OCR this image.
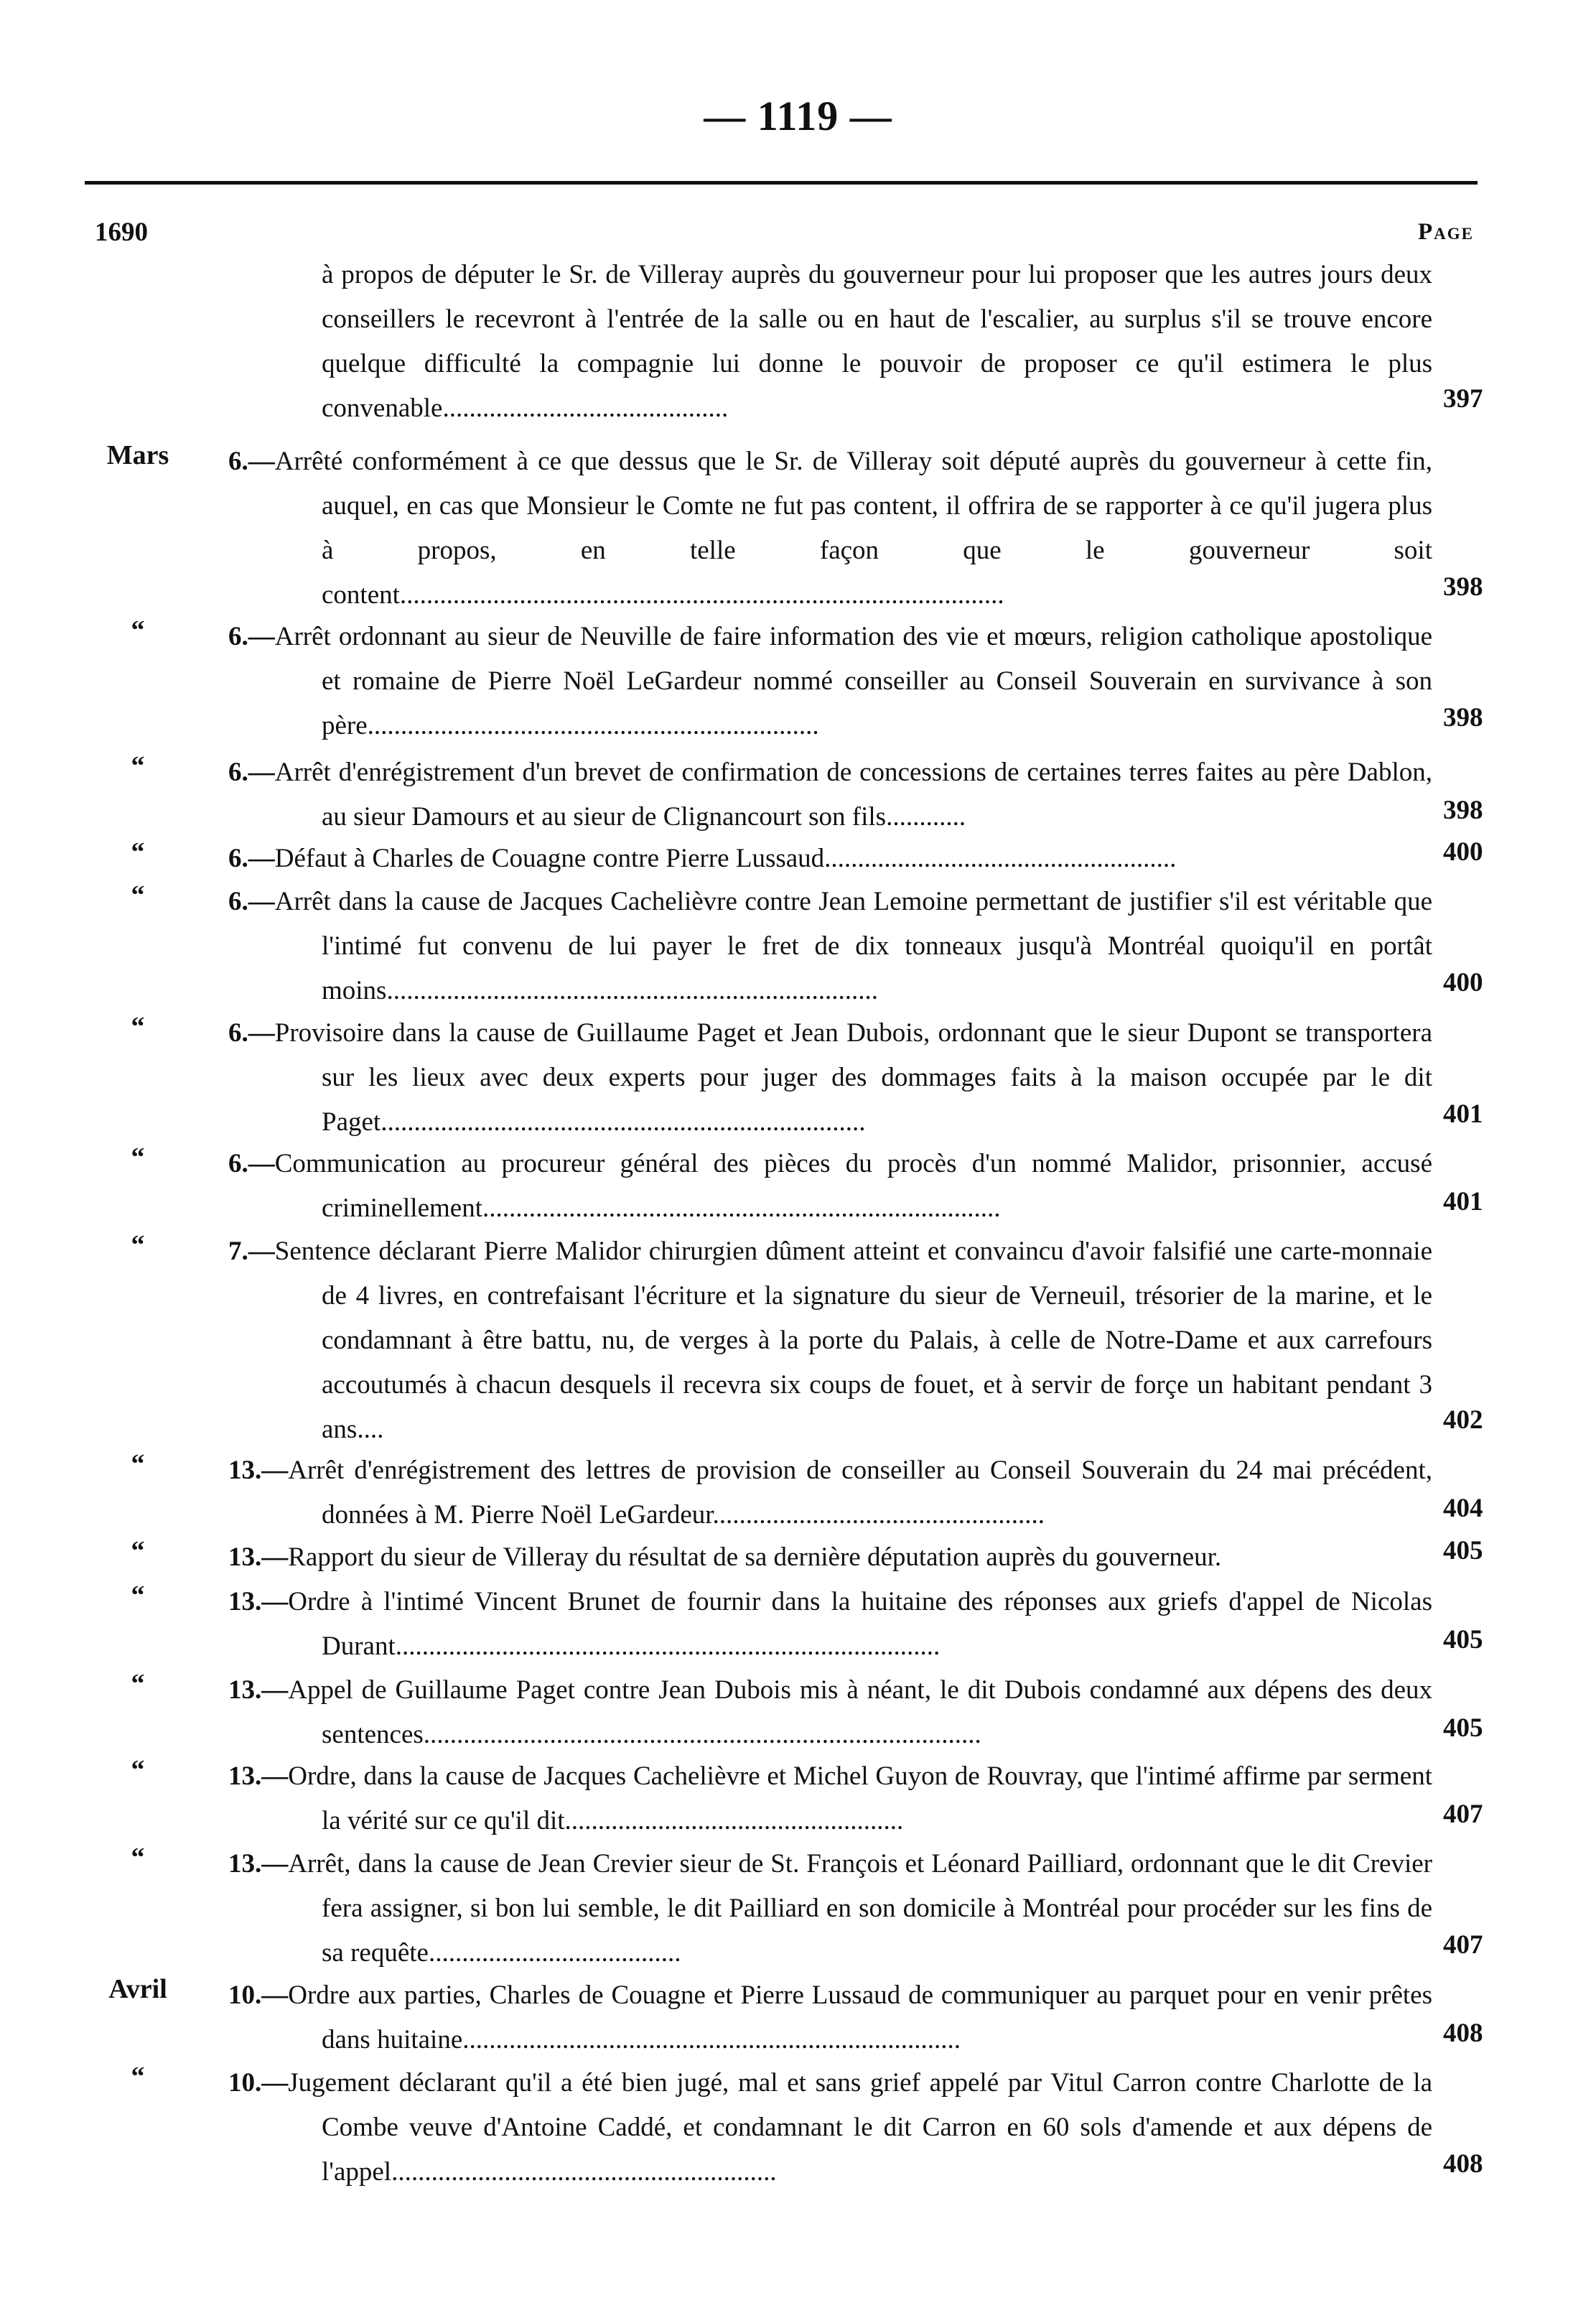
— 1119 —
1690	Page
à propos de députer le Sr. de Villeray auprès du gouverneur pour lui proposer que les autres jours deux conseillers le recevront à l'entrée de la salle ou en haut de l'escalier, au surplus s'il se trouve encore quelque difficulté la compagnie lui donne le pouvoir de proposer ce qu'il estimera le plus convenable...........................................	397
Mars	6.—Arrêté conformément à ce que dessus que le Sr. de Villeray soit député auprès du gouverneur à cette fin, auquel, en cas que Monsieur le Comte ne fut pas content, il offrira de se rapporter à ce qu'il jugera plus à propos, en telle façon que le gouverneur soit content...........................................................................................	398
“	6.—Arrêt ordonnant au sieur de Neuville de faire information des vie et mœurs, religion catholique apostolique et romaine de Pierre Noël LeGardeur nommé conseiller au Conseil Souverain en survivance à son père....................................................................	398
“	6.—Arrêt d'enrégistrement d'un brevet de confirmation de concessions de certaines terres faites au père Dablon, au sieur Damours et au sieur de Clignancourt son fils............	398
“	6.—Défaut à Charles de Couagne contre Pierre Lussaud.....................................................	400
“	6.—Arrêt dans la cause de Jacques Cachelièvre contre Jean Lemoine permettant de justifier s'il est véritable que l'intimé fut convenu de lui payer le fret de dix tonneaux jusqu'à Montréal quoiqu'il en portât moins..........................................................................	400
“	6.—Provisoire dans la cause de Guillaume Paget et Jean Dubois, ordonnant que le sieur Dupont se transportera sur les lieux avec deux experts pour juger des dommages faits à la maison occupée par le dit Paget.........................................................................	401
“	6.—Communication au procureur général des pièces du procès d'un nommé Malidor, prisonnier, accusé criminellement..............................................................................	401
“	7.—Sentence déclarant Pierre Malidor chirurgien dûment atteint et convaincu d'avoir falsifié une carte-monnaie de 4 livres, en contrefaisant l'écriture et la signature du sieur de Verneuil, trésorier de la marine, et le condamnant à être battu, nu, de verges à la porte du Palais, à celle de Notre-Dame et aux carrefours accoutumés à chacun desquels il recevra six coups de fouet, et à servir de forçe un habitant pendant 3 ans....	402
“	13.—Arrêt d'enrégistrement des lettres de provision de conseiller au Conseil Souverain du 24 mai précédent, données à M. Pierre Noël LeGardeur..................................................	404
“	13.—Rapport du sieur de Villeray du résultat de sa dernière députation auprès du gouverneur.	405
“	13.—Ordre à l'intimé Vincent Brunet de fournir dans la huitaine des réponses aux griefs d'appel de Nicolas Durant..................................................................................	405
“	13.—Appel de Guillaume Paget contre Jean Dubois mis à néant, le dit Dubois condamné aux dépens des deux sentences....................................................................................	405
“	13.—Ordre, dans la cause de Jacques Cachelièvre et Michel Guyon de Rouvray, que l'intimé affirme par serment la vérité sur ce qu'il dit...................................................	407
“	13.—Arrêt, dans la cause de Jean Crevier sieur de St. François et Léonard Pailliard, ordonnant que le dit Crevier fera assigner, si bon lui semble, le dit Pailliard en son domicile à Montréal pour procéder sur les fins de sa requête......................................	407
Avril	10.—Ordre aux parties, Charles de Couagne et Pierre Lussaud de communiquer au parquet pour en venir prêtes dans huitaine...........................................................................	408
“	10.—Jugement déclarant qu'il a été bien jugé, mal et sans grief appelé par Vitul Carron contre Charlotte de la Combe veuve d'Antoine Caddé, et condamnant le dit Carron en 60 sols d'amende et aux dépens de l'appel..........................................................	408
